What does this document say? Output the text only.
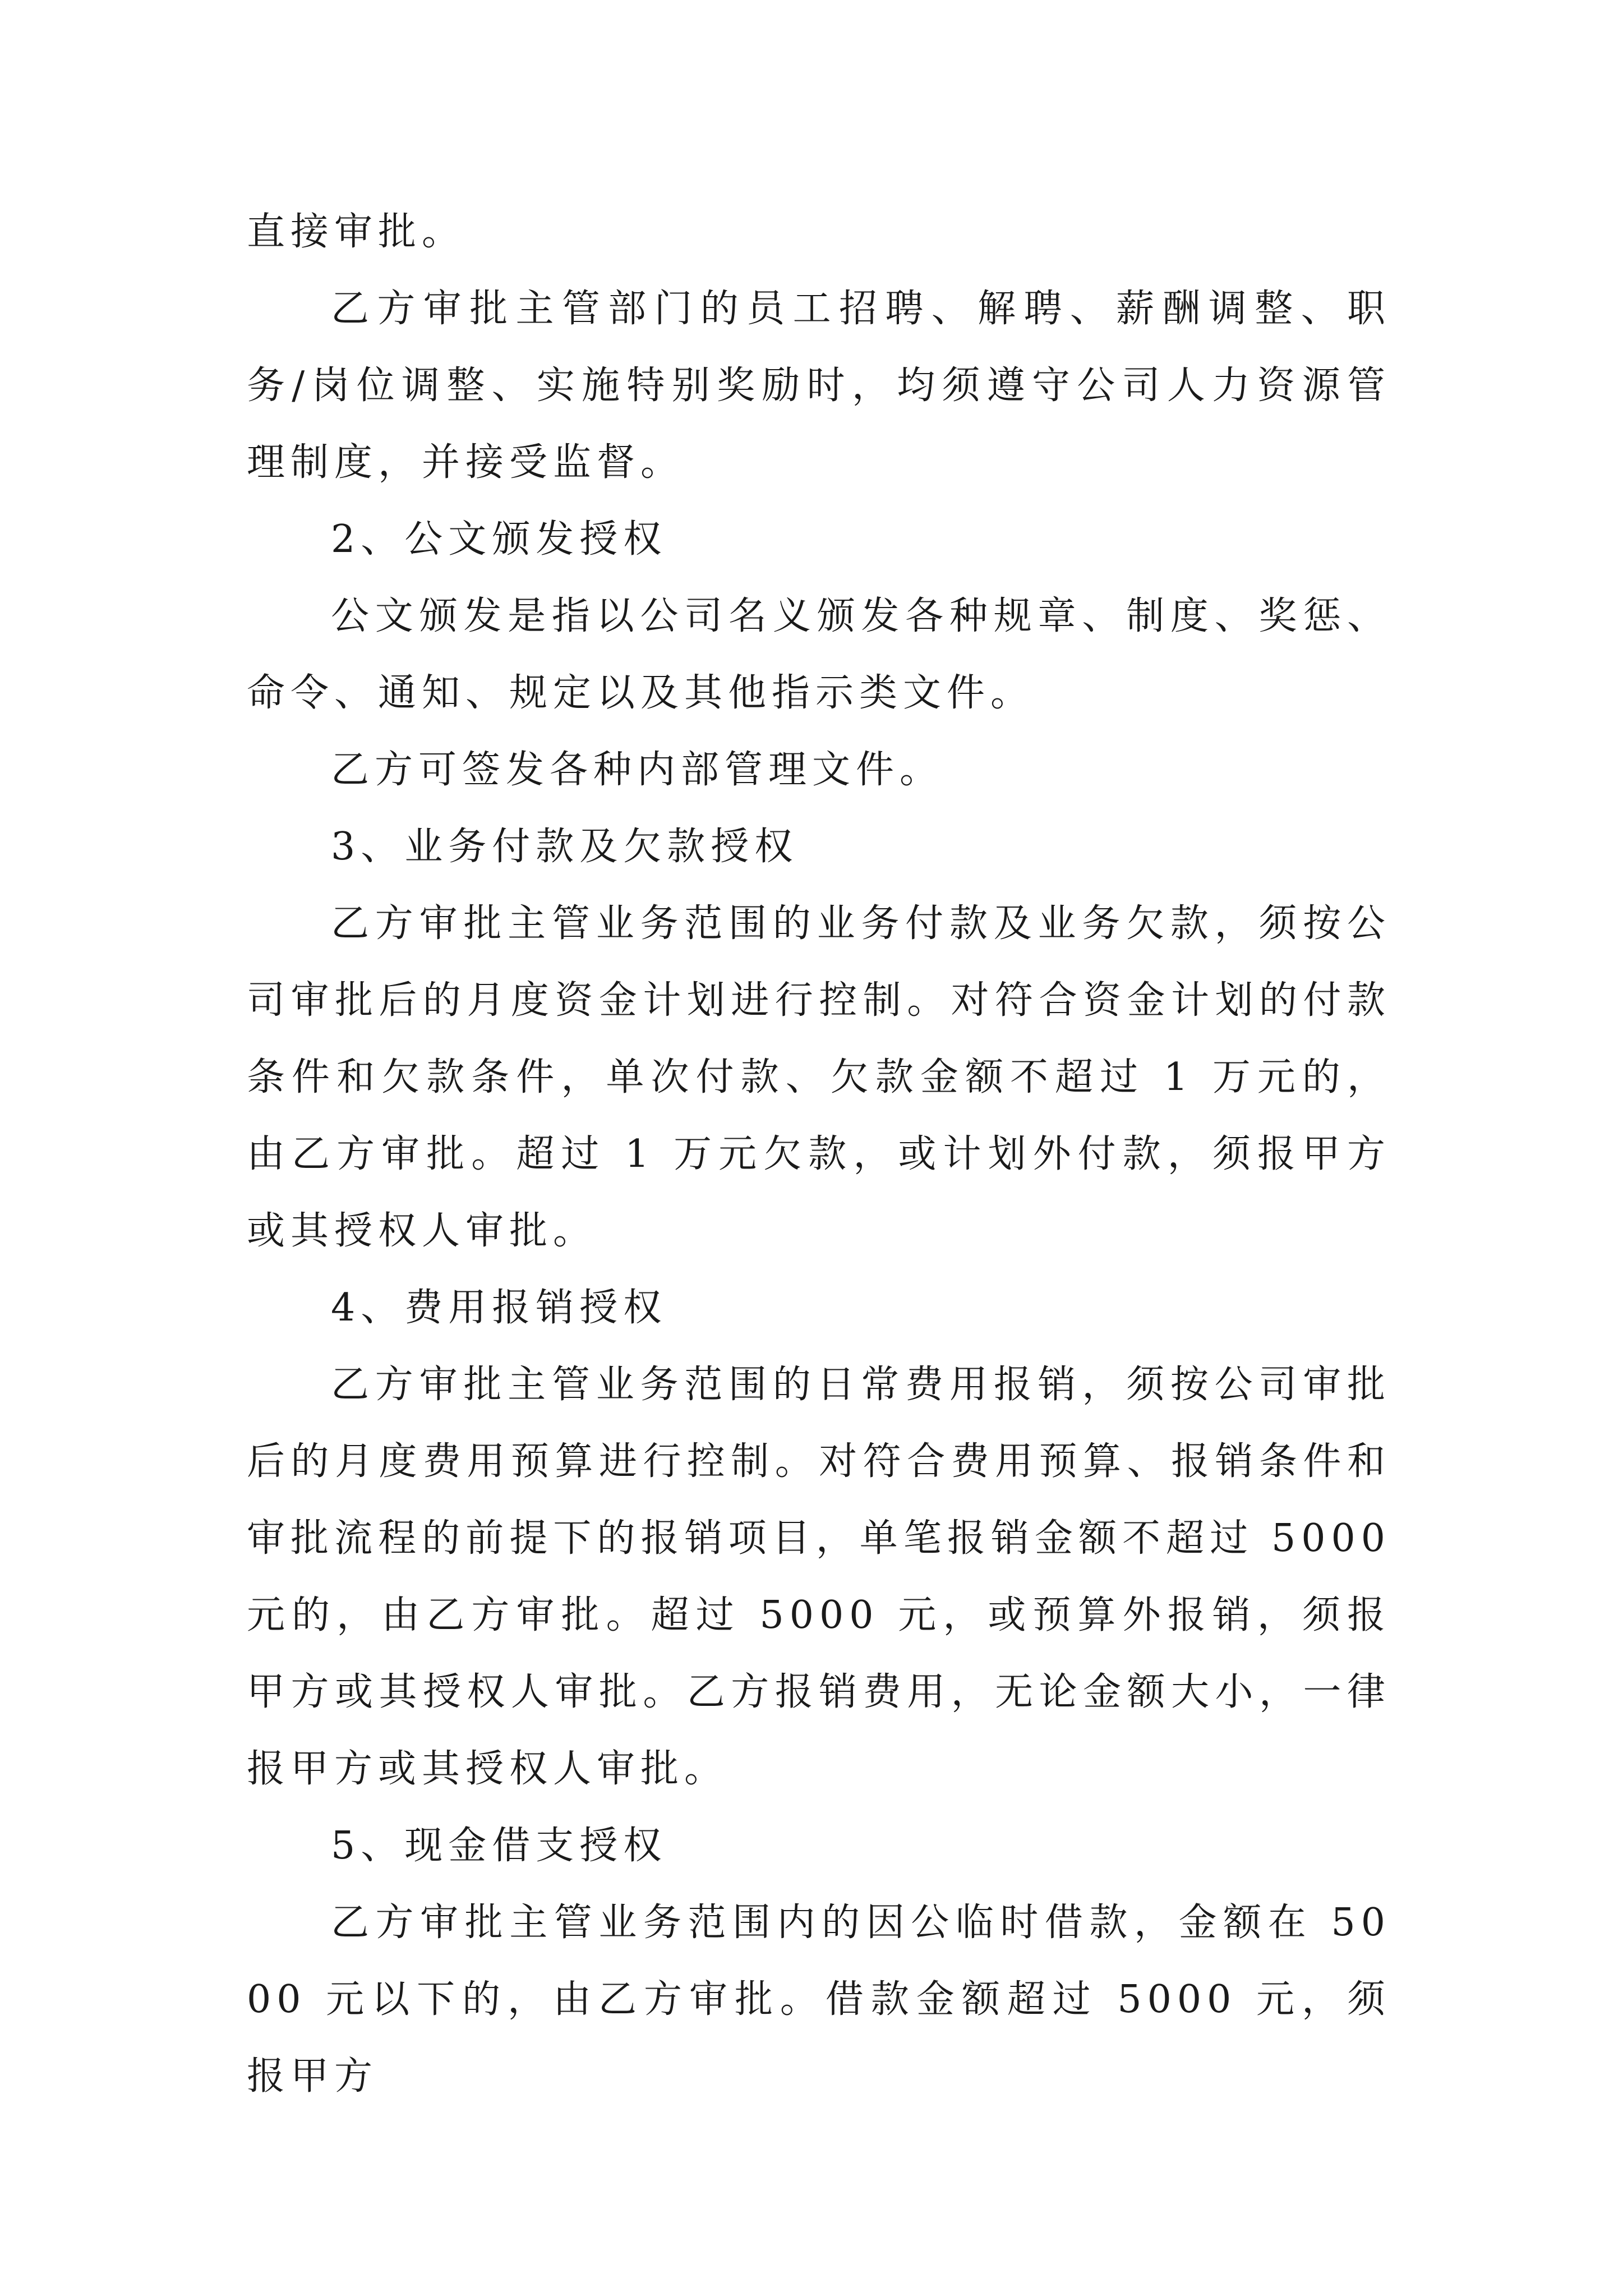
直接审批。

乙方审批主管部门的员工招聘、解聘、薪酬调整、职务/岗位调整、实施特别奖励时，均须遵守公司人力资源管理制度，并接受监督。

2、公文颁发授权

公文颁发是指以公司名义颁发各种规章、制度、奖惩、命令、通知、规定以及其他指示类文件。

乙方可签发各种内部管理文件。

3、业务付款及欠款授权

乙方审批主管业务范围的业务付款及业务欠款，须按公司审批后的月度资金计划进行控制。对符合资金计划的付款条件和欠款条件，单次付款、欠款金额不超过 1 万元的，由乙方审批。超过 1 万元欠款，或计划外付款，须报甲方或其授权人审批。

4、费用报销授权

乙方审批主管业务范围的日常费用报销，须按公司审批后的月度费用预算进行控制。对符合费用预算、报销条件和审批流程的前提下的报销项目，单笔报销金额不超过 5000 元的，由乙方审批。超过 5000 元，或预算外报销，须报甲方或其授权人审批。乙方报销费用，无论金额大小，一律报甲方或其授权人审批。

5、现金借支授权

乙方审批主管业务范围内的因公临时借款，金额在 5000 元以下的，由乙方审批。借款金额超过 5000 元，须报甲方
